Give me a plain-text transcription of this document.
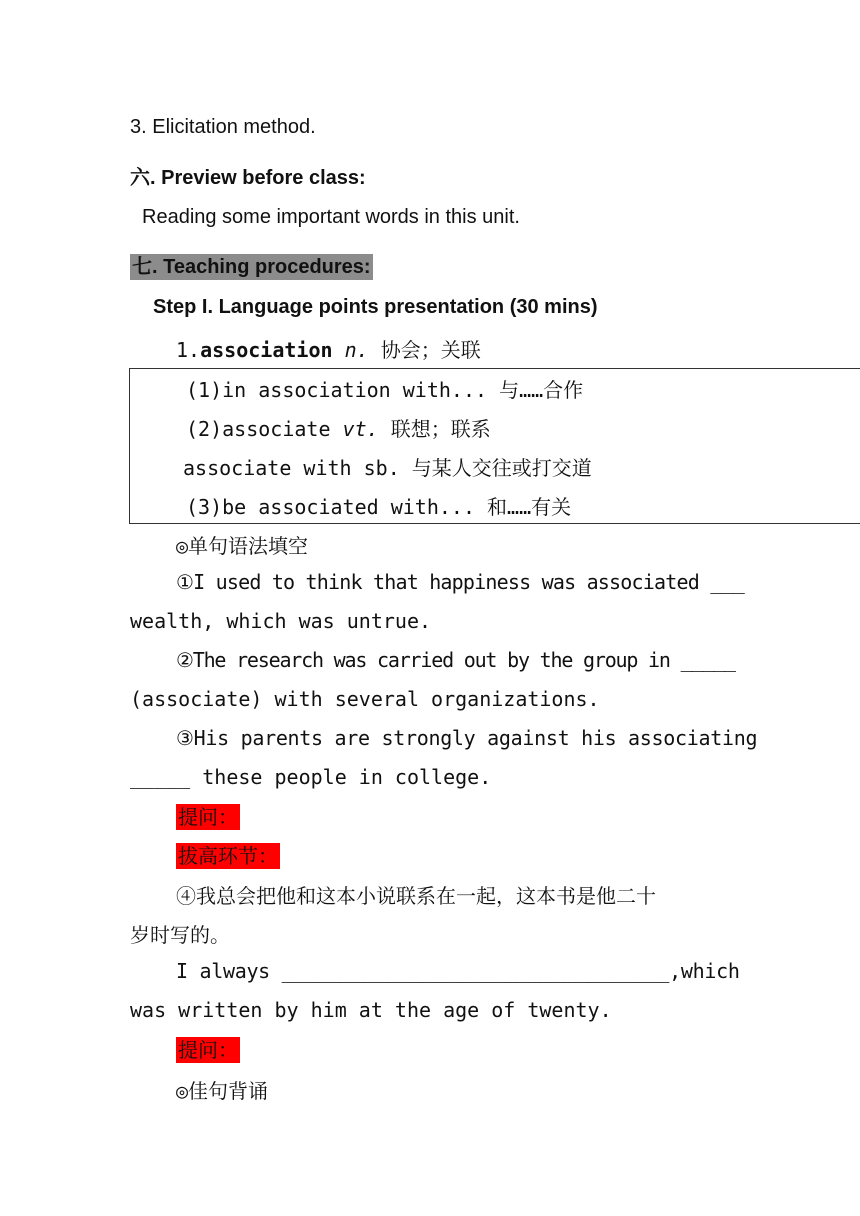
3. Elicitation method.
六. Preview before class:
Reading some important words in this unit.
七. Teaching procedures:
Step I. Language points presentation (30 mins)
1.association n. 协会；关联
(1)in association with... 与……合作
(2)associate vt. 联想；联系
associate with sb. 与某人交往或打交道
(3)be associated with... 和……有关
◎单句语法填空
①I used to think that happiness was associated ___
wealth, which was untrue.
②The research was carried out by the group in _____
(associate) with several organizations.
③His parents are strongly against his associating
_____ these people in college.
提问：
拔高环节：
④我总会把他和这本小说联系在一起，这本书是他二十
岁时写的。
I always _________________________________,which
was written by him at the age of twenty.
提问：
◎佳句背诵
